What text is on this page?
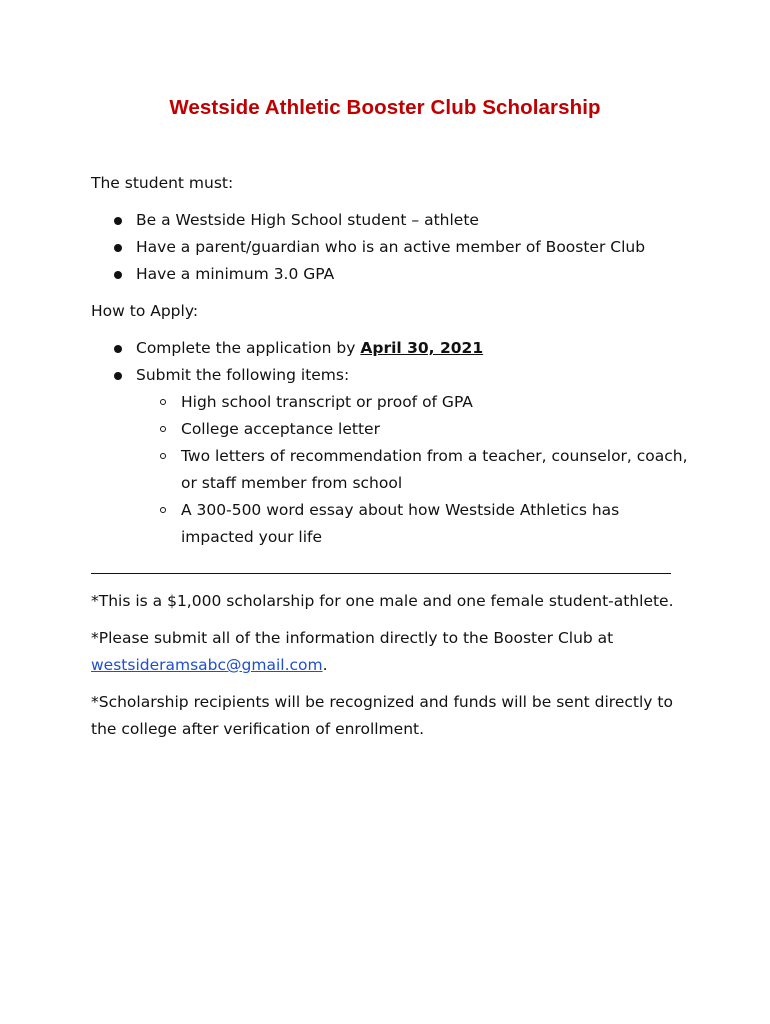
Westside Athletic Booster Club Scholarship

The student must:

Be a Westside High School student – athlete
Have a parent/guardian who is an active member of Booster Club
Have a minimum 3.0 GPA

How to Apply:

Complete the application by April 30, 2021
Submit the following items:
High school transcript or proof of GPA
College acceptance letter
Two letters of recommendation from a teacher, counselor, coach, or staff member from school
A 300-500 word essay about how Westside Athletics has impacted your life

*This is a $1,000 scholarship for one male and one female student-athlete.

*Please submit all of the information directly to the Booster Club at westsideramsabc@gmail.com.

*Scholarship recipients will be recognized and funds will be sent directly to the college after verification of enrollment.
